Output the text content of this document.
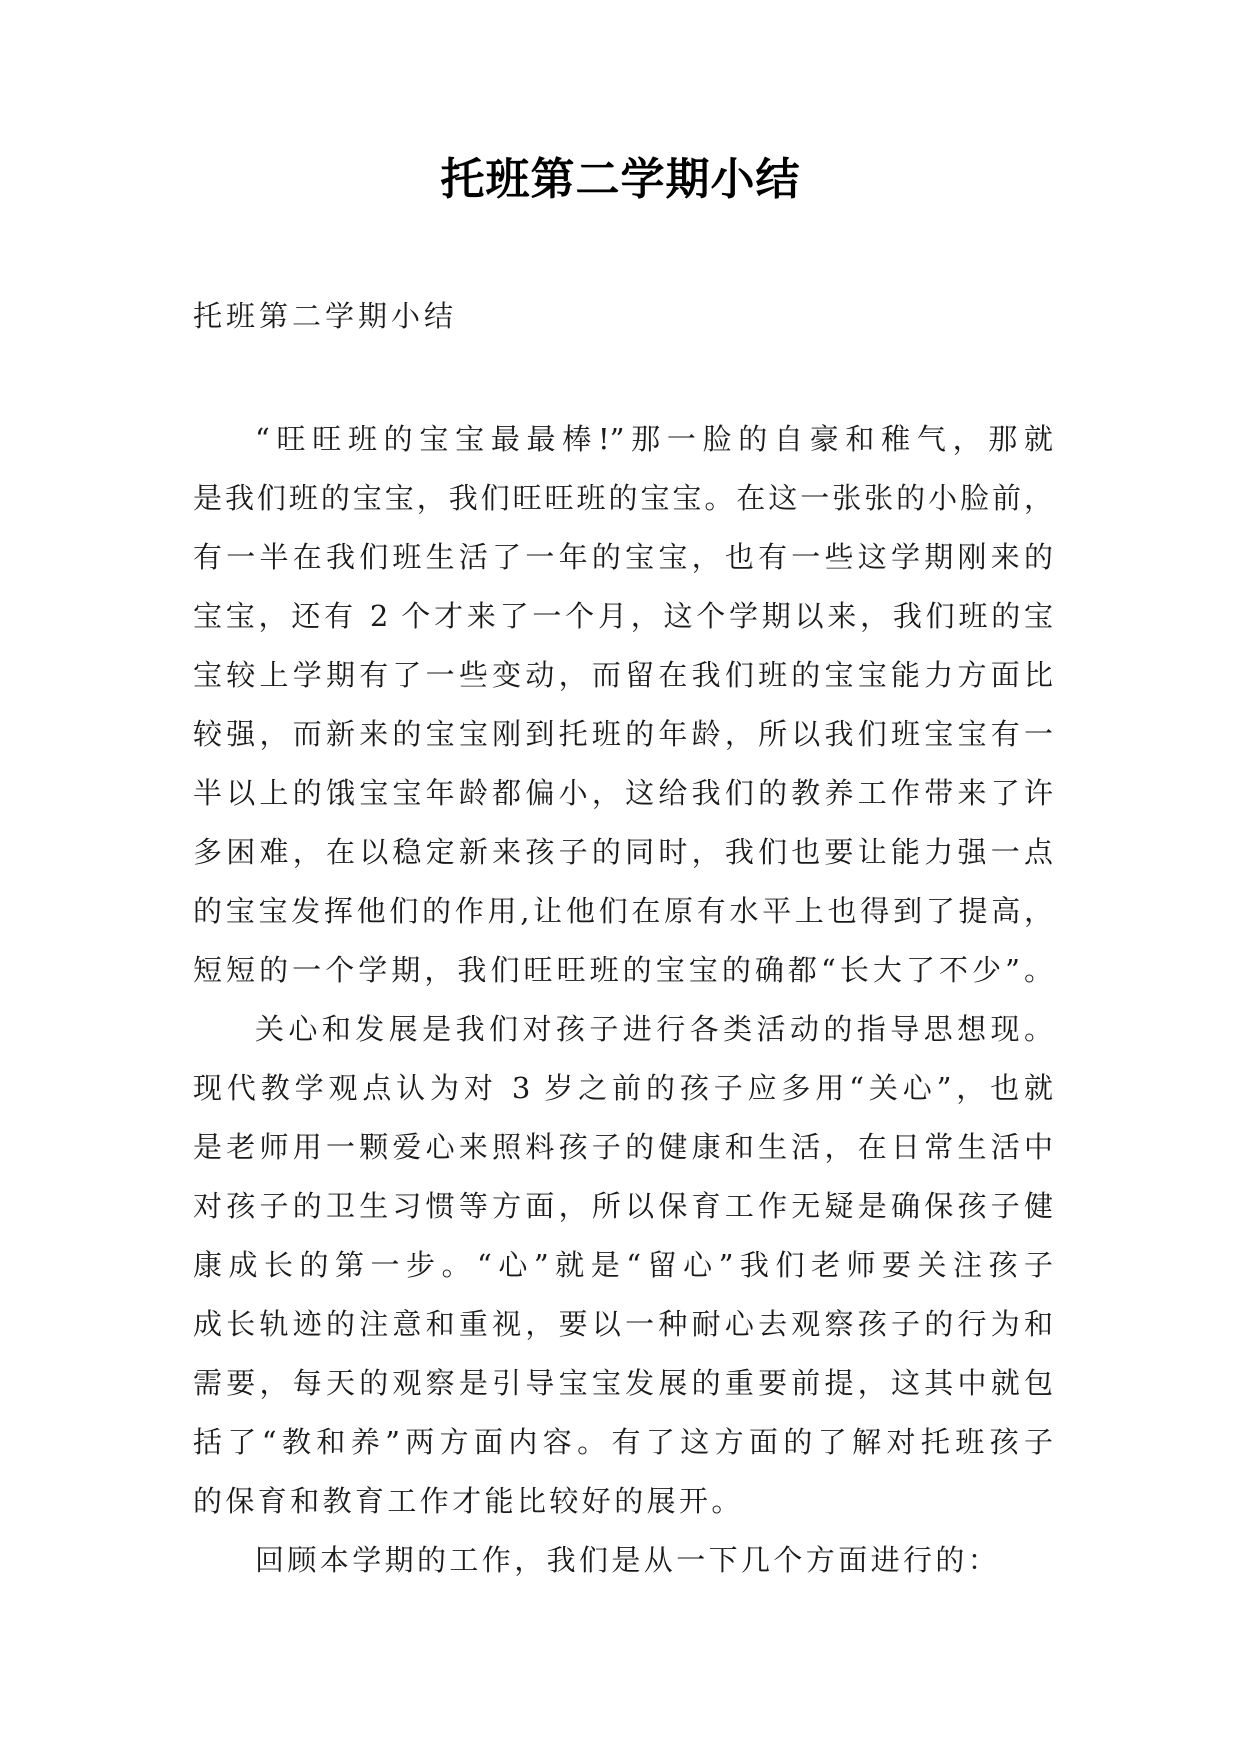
托班第二学期小结
托班第二学期小结
“旺旺班的宝宝最最棒!”那一脸的自豪和稚气，那就
是我们班的宝宝，我们旺旺班的宝宝。在这一张张的小脸前，
有一半在我们班生活了一年的宝宝，也有一些这学期刚来的
宝宝，还有 2 个才来了一个月，这个学期以来，我们班的宝
宝较上学期有了一些变动，而留在我们班的宝宝能力方面比
较强，而新来的宝宝刚到托班的年龄，所以我们班宝宝有一
半以上的饿宝宝年龄都偏小，这给我们的教养工作带来了许
多困难，在以稳定新来孩子的同时，我们也要让能力强一点
的宝宝发挥他们的作用,让他们在原有水平上也得到了提高，
短短的一个学期，我们旺旺班的宝宝的确都“长大了不少”。
关心和发展是我们对孩子进行各类活动的指导思想现。
现代教学观点认为对 3 岁之前的孩子应多用“关心”，也就
是老师用一颗爱心来照料孩子的健康和生活，在日常生活中
对孩子的卫生习惯等方面，所以保育工作无疑是确保孩子健
康成长的第一步。“心”就是“留心”我们老师要关注孩子
成长轨迹的注意和重视，要以一种耐心去观察孩子的行为和
需要，每天的观察是引导宝宝发展的重要前提，这其中就包
括了“教和养”两方面内容。有了这方面的了解对托班孩子
的保育和教育工作才能比较好的展开。
回顾本学期的工作，我们是从一下几个方面进行的：
